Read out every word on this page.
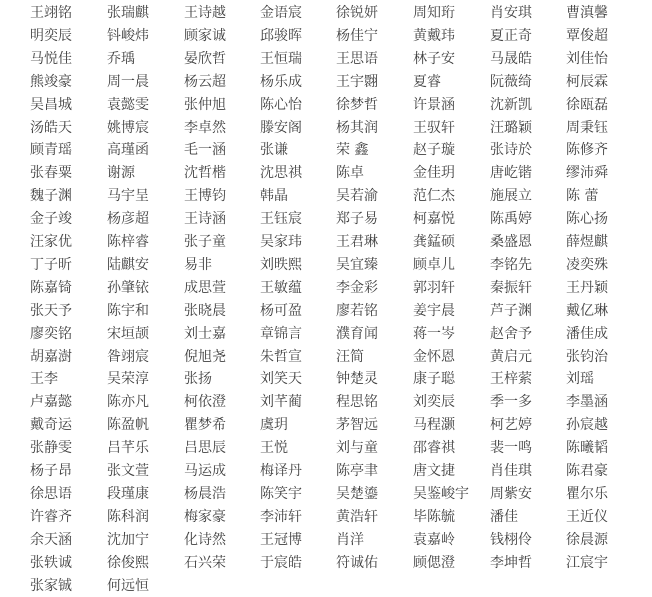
王翊铭	张瑞麒	王诗越 金语宸 徐锐妍	周知珩	肖安琪 曹滇馨
明奕辰	钭峻炜	顾家诚 邱骏晖 杨佳宁	黄戴玮	夏正奇 覃俊超
马悦佳	乔瑀	晏欣哲 王恒瑞 王思语	林子安	马晟皓 刘佳怡
熊竣豪	周一晨	杨云超 杨乐成 王宇翾	夏睿	阮薇绮 柯辰霖
吴昌城	袁懿雯	张仲旭 陈心怡 徐梦哲	许景涵	沈新凯 徐瓯磊
汤皓天	姚博宸	李卓然 滕安阁 杨其润	王驭轩	汪璐颖 周秉钰
顾青瑶	高瑾函	毛一涵 张谦	荣 鑫	赵子璇	张诗於 陈修齐
张春粟	谢源	沈哲楷 沈思祺 陈卓	金佳玥	唐屹锴 缪沛舜
魏子渊	马宇呈	王博钧 韩晶	吴若渝	范仁杰	施展立 陈 蕾
金子竣	杨彦超	王诗涵 王钰宸 郑子易	柯嘉悦	陈禹婷 陈心扬
汪家优	陈梓睿	张子童 吴家玮 王君琳	龚錳硕	桑盛恩 薛煜麒
丁子昕	陆麒安	易非	刘昳熙 吴宜臻	顾卓儿	李铭先 凌奕殊
陈嘉锜	孙肇铱	成思萱 王敏蕴 李金彩	郭羽轩	秦振轩 王丹颖
张天予	陈宇和	张晓晨 杨可盈 廖若铭	姜宇晨	芦子渊 戴亿琳
廖奕铭	宋垣颉	刘士嘉 章锦言 濮育闻	蒋一岑	赵舍予 潘佳成
胡嘉澍	昝翊宸	倪旭尧 朱哲宣 汪简	金怀恩	黄启元 张钧治
王李	吴荣淳	张扬	刘笑天 钟楚灵	康子聪	王梓萦 刘瑶
卢嘉懿	陈亦凡	柯依澄 刘芊蔺 程思铭	刘奕辰	季一多 李墨涵
戴奇运	陈盈帆	瞿梦希 虞玥	茅智远	马程灏	柯艺婷 孙宸越
张静雯	吕芊乐	吕思辰 王悦	刘与童	邵睿祺	裴一鸣 陈曦韬
杨子昂	张文萱	马运成 梅译丹 陈亭聿	唐文捷	肖佳琪 陈君豪
徐思语	段瑾康	杨晨浩 陈笑宇 吴楚鎏	吴鉴峻宇 周紫安 瞿尔乐
许睿齐	陈科润	梅家豪 李沛轩 黄浩轩	毕陈毓	潘佳	王近仪
余天涵	沈加宁	化诗然 王冠博 肖洋	袁嘉岭	钱栩伶 徐晨源
张轶诚	徐俊熙	石兴荣 于宸皓 符诚佑	顾偲澄	李坤哲 江宸宇
张家铖	何远恒
